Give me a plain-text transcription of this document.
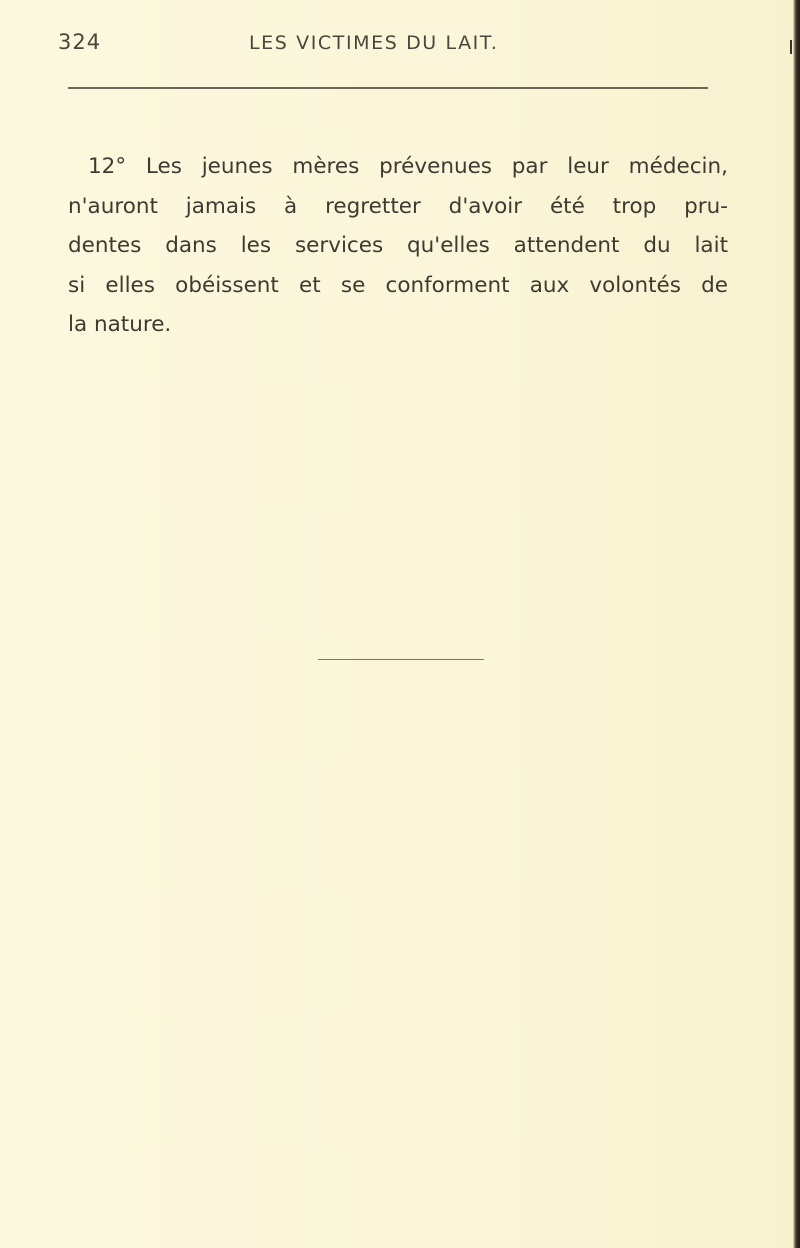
324	LES VICTIMES DU LAIT.

12° Les jeunes mères prévenues par leur médecin,
n'auront jamais à regretter d'avoir été trop pru-
dentes dans les services qu'elles attendent du lait
si elles obéissent et se conforment aux volontés de
la nature.
